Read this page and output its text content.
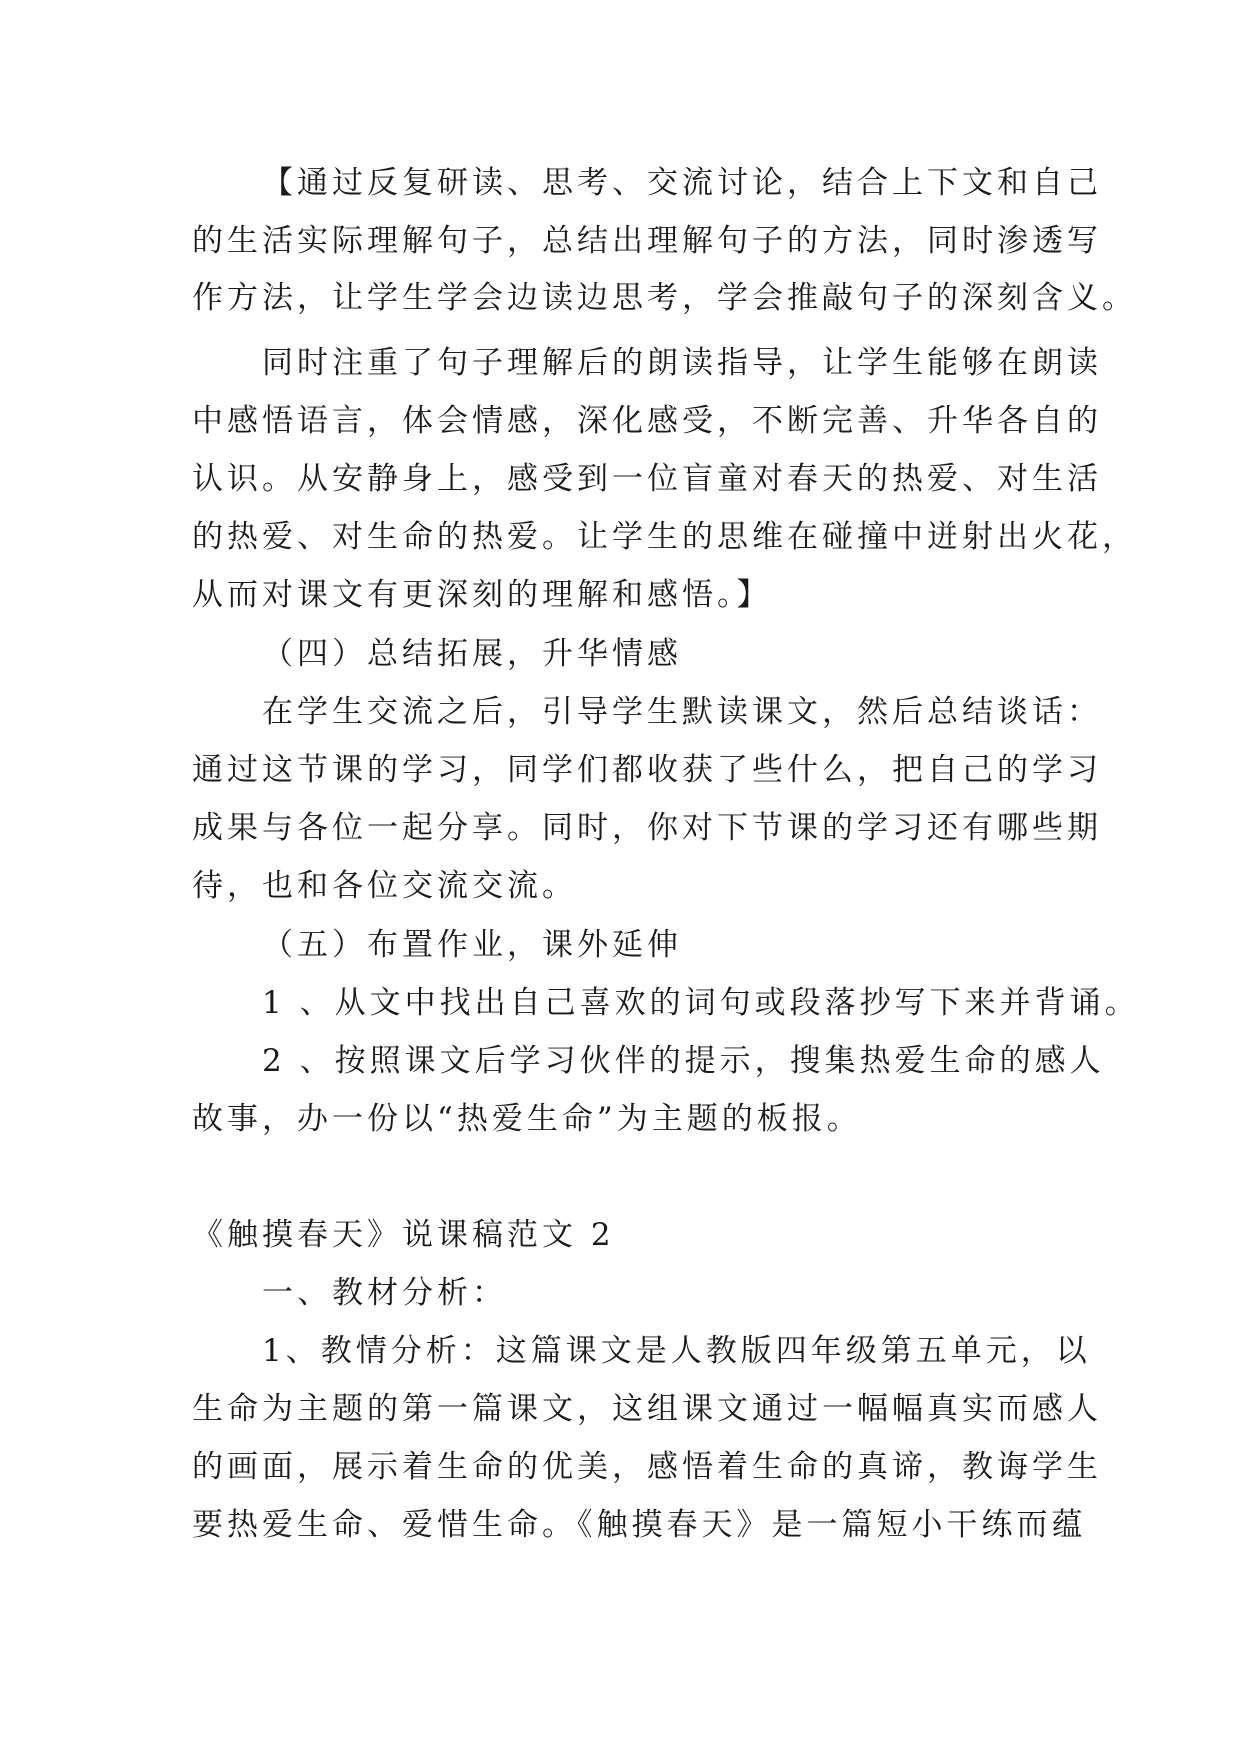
【通过反复研读、思考、交流讨论，结合上下文和自己
的生活实际理解句子，总结出理解句子的方法，同时渗透写
作方法，让学生学会边读边思考，学会推敲句子的深刻含义。
同时注重了句子理解后的朗读指导，让学生能够在朗读
中感悟语言，体会情感，深化感受，不断完善、升华各自的
认识。从安静身上，感受到一位盲童对春天的热爱、对生活
的热爱、对生命的热爱。让学生的思维在碰撞中迸射出火花，
从而对课文有更深刻的理解和感悟。】
（四）总结拓展，升华情感
在学生交流之后，引导学生默读课文，然后总结谈话：
通过这节课的学习，同学们都收获了些什么，把自己的学习
成果与各位一起分享。同时，你对下节课的学习还有哪些期
待，也和各位交流交流。
（五）布置作业，课外延伸
1 、从文中找出自己喜欢的词句或段落抄写下来并背诵。
2 、按照课文后学习伙伴的提示，搜集热爱生命的感人
故事，办一份以“热爱生命”为主题的板报。
《触摸春天》说课稿范文 2
一、教材分析：
1、教情分析：这篇课文是人教版四年级第五单元，以
生命为主题的第一篇课文，这组课文通过一幅幅真实而感人
的画面，展示着生命的优美，感悟着生命的真谛，教诲学生
要热爱生命、爱惜生命。《触摸春天》是一篇短小干练而蕴
